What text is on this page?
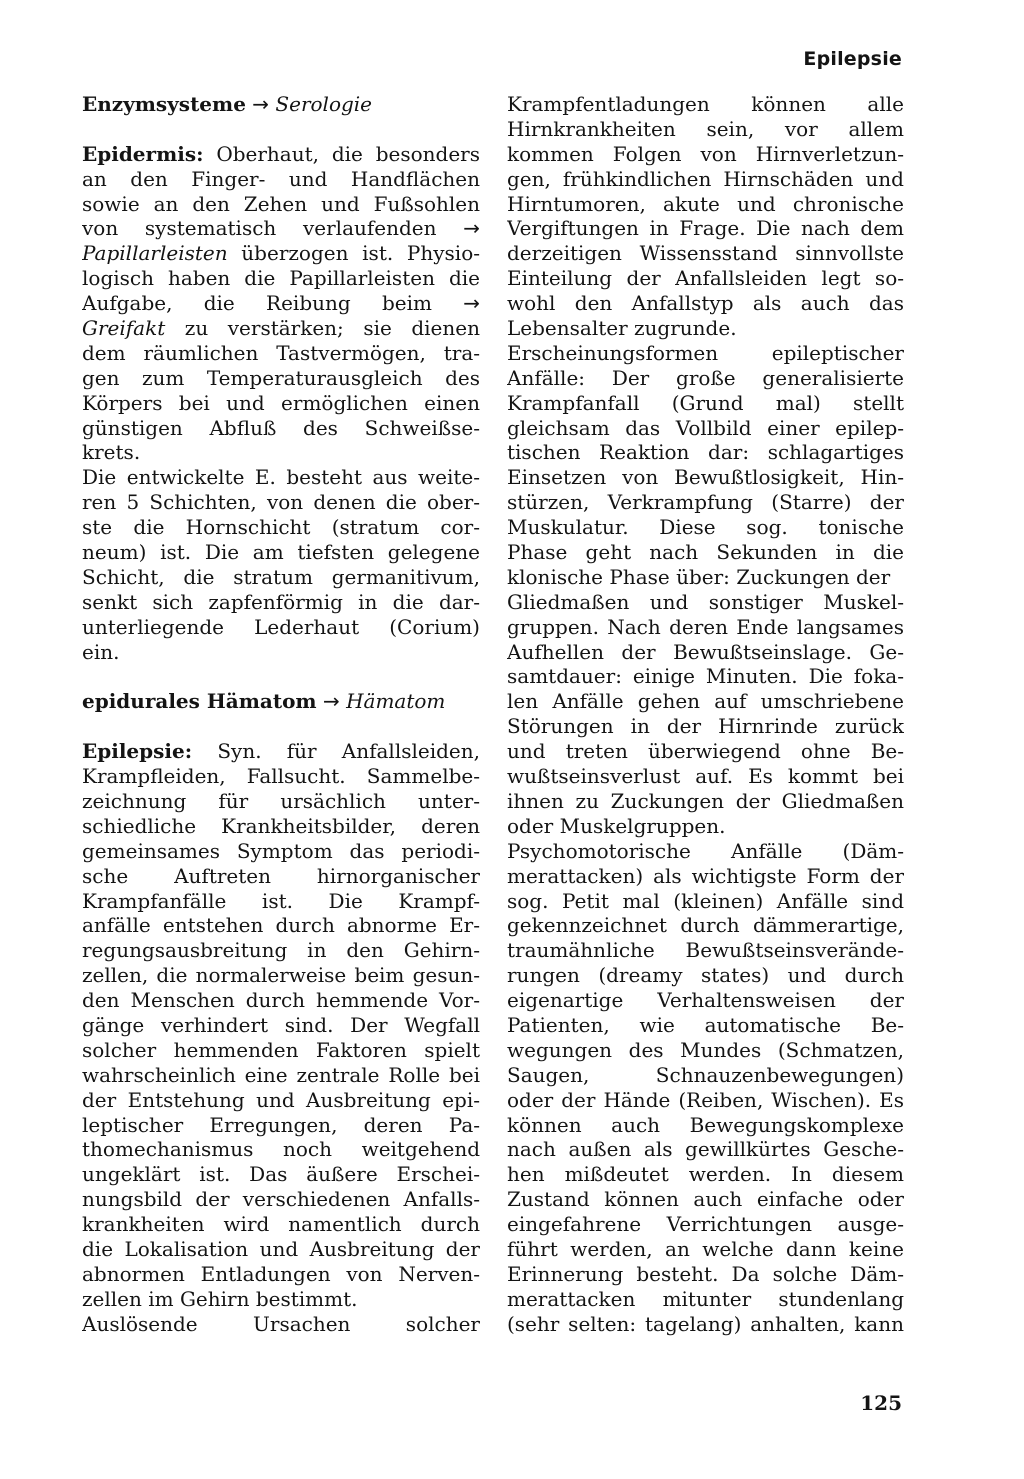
Epilepsie
Enzymsysteme → Serologie
Epidermis: Oberhaut, die besonders
an den Finger- und Handflächen
sowie an den Zehen und Fußsohlen
von systematisch verlaufenden →
Papillarleisten überzogen ist. Physio-
logisch haben die Papillarleisten die
Aufgabe, die Reibung beim →
Greifakt zu verstärken; sie dienen
dem räumlichen Tastvermögen, tra-
gen zum Temperaturausgleich des
Körpers bei und ermöglichen einen
günstigen Abfluß des Schweißse-
krets.
Die entwickelte E. besteht aus weite-
ren 5 Schichten, von denen die ober-
ste die Hornschicht (stratum cor-
neum) ist. Die am tiefsten gelegene
Schicht, die stratum germanitivum,
senkt sich zapfenförmig in die dar-
unterliegende Lederhaut (Corium)
ein.
epidurales Hämatom → Hämatom
Epilepsie: Syn. für Anfallsleiden,
Krampfleiden, Fallsucht. Sammelbe-
zeichnung für ursächlich unter-
schiedliche Krankheitsbilder, deren
gemeinsames Symptom das periodi-
sche Auftreten hirnorganischer
Krampfanfälle ist. Die Krampf-
anfälle entstehen durch abnorme Er-
regungsausbreitung in den Gehirn-
zellen, die normalerweise beim gesun-
den Menschen durch hemmende Vor-
gänge verhindert sind. Der Wegfall
solcher hemmenden Faktoren spielt
wahrscheinlich eine zentrale Rolle bei
der Entstehung und Ausbreitung epi-
leptischer Erregungen, deren Pa-
thomechanismus noch weitgehend
ungeklärt ist. Das äußere Erschei-
nungsbild der verschiedenen Anfalls-
krankheiten wird namentlich durch
die Lokalisation und Ausbreitung der
abnormen Entladungen von Nerven-
zellen im Gehirn bestimmt.
Auslösende Ursachen solcher
Krampfentladungen können alle
Hirnkrankheiten sein, vor allem
kommen Folgen von Hirnverletzun-
gen, frühkindlichen Hirnschäden und
Hirntumoren, akute und chronische
Vergiftungen in Frage. Die nach dem
derzeitigen Wissensstand sinnvollste
Einteilung der Anfallsleiden legt so-
wohl den Anfallstyp als auch das
Lebensalter zugrunde.
Erscheinungsformen epileptischer
Anfälle: Der große generalisierte
Krampfanfall (Grund mal) stellt
gleichsam das Vollbild einer epilep-
tischen Reaktion dar: schlagartiges
Einsetzen von Bewußtlosigkeit, Hin-
stürzen, Verkrampfung (Starre) der
Muskulatur. Diese sog. tonische
Phase geht nach Sekunden in die
klonische Phase über: Zuckungen der
Gliedmaßen und sonstiger Muskel-
gruppen. Nach deren Ende langsames
Aufhellen der Bewußtseinslage. Ge-
samtdauer: einige Minuten. Die foka-
len Anfälle gehen auf umschriebene
Störungen in der Hirnrinde zurück
und treten überwiegend ohne Be-
wußtseinsverlust auf. Es kommt bei
ihnen zu Zuckungen der Gliedmaßen
oder Muskelgruppen.
Psychomotorische Anfälle (Däm-
merattacken) als wichtigste Form der
sog. Petit mal (kleinen) Anfälle sind
gekennzeichnet durch dämmerartige,
traumähnliche Bewußtseinsverände-
rungen (dreamy states) und durch
eigenartige Verhaltensweisen der
Patienten, wie automatische Be-
wegungen des Mundes (Schmatzen,
Saugen, Schnauzenbewegungen)
oder der Hände (Reiben, Wischen). Es
können auch Bewegungskomplexe
nach außen als gewillkürtes Gesche-
hen mißdeutet werden. In diesem
Zustand können auch einfache oder
eingefahrene Verrichtungen ausge-
führt werden, an welche dann keine
Erinnerung besteht. Da solche Däm-
merattacken mitunter stundenlang
(sehr selten: tagelang) anhalten, kann
125
